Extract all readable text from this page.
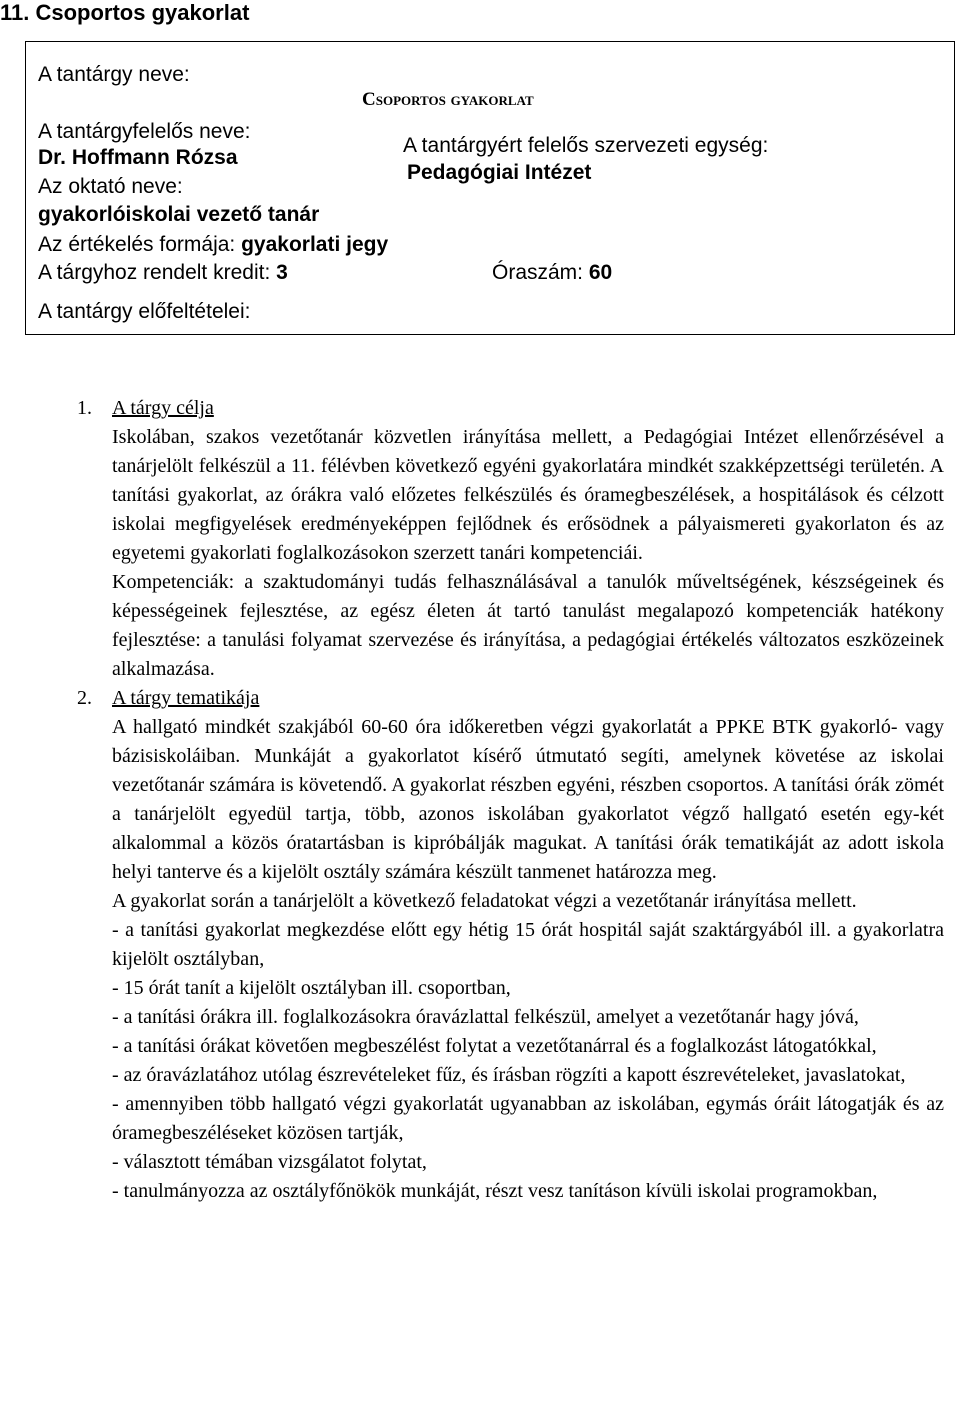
11. Csoportos gyakorlat
A tantárgy neve:
Csoportos gyakorlat
A tantárgyfelelős neve:
Dr. Hoffmann Rózsa
A tantárgyért felelős szervezeti egység:
Pedagógiai Intézet
Az oktató neve:
gyakorlóiskolai vezető tanár
Az értékelés formája: gyakorlati jegy
A tárgyhoz rendelt kredit: 3	Óraszám: 60
A tantárgy előfeltételei:
1. A tárgy célja

Iskolában, szakos vezetőtanár közvetlen irányítása mellett, a Pedagógiai Intézet ellenőrzésével a tanárjelölt felkészül a 11. félévben következő egyéni gyakorlatára mindkét szakképzettségi területén. A tanítási gyakorlat, az órákra való előzetes felkészülés és óramegbeszélések, a hospitálások és célzott iskolai megfigyelések eredményeképpen fejlődnek és erősödnek a pályaismereti gyakorlaton és az egyetemi gyakorlati foglalkozásokon szerzett tanári kompetenciái.

Kompetenciák: a szaktudományi tudás felhasználásával a tanulók műveltségének, készségeinek és képességeinek fejlesztése, az egész életen át tartó tanulást megalapozó kompetenciák hatékony fejlesztése: a tanulási folyamat szervezése és irányítása, a pedagógiai értékelés változatos eszközeinek alkalmazása.

2. A tárgy tematikája

A hallgató mindkét szakjából 60-60 óra időkeretben végzi gyakorlatát a PPKE BTK gyakorló- vagy bázisiskoláiban. Munkáját a gyakorlatot kísérő útmutató segíti, amelynek követése az iskolai vezetőtanár számára is követendő. A gyakorlat részben egyéni, részben csoportos. A tanítási órák zömét a tanárjelölt egyedül tartja, több, azonos iskolában gyakorlatot végző hallgató esetén egy-két alkalommal a közös óratartásban is kipróbálják magukat. A tanítási órák tematikáját az adott iskola helyi tanterve és a kijelölt osztály számára készült tanmenet határozza meg.

A gyakorlat során a tanárjelölt a következő feladatokat végzi a vezetőtanár irányítása mellett.

- a tanítási gyakorlat megkezdése előtt egy hétig 15 órát hospitál saját szaktárgyából ill. a gyakorlatra kijelölt osztályban,

- 15 órát tanít a kijelölt osztályban ill. csoportban,

- a tanítási órákra ill. foglalkozásokra óravázlattal felkészül, amelyet a vezetőtanár hagy jóvá,

- a tanítási órákat követően megbeszélést folytat a vezetőtanárral és a foglalkozást látogatókkal,

- az óravázlatához utólag észrevételeket fűz, és írásban rögzíti a kapott észrevételeket, javaslatokat,

- amennyiben több hallgató végzi gyakorlatát ugyanabban az iskolában, egymás óráit látogatják és az óramegbeszéléseket közösen tartják,

- választott témában vizsgálatot folytat,

- tanulmányozza az osztályfőnökök munkáját, részt vesz tanításon kívüli iskolai programokban,
